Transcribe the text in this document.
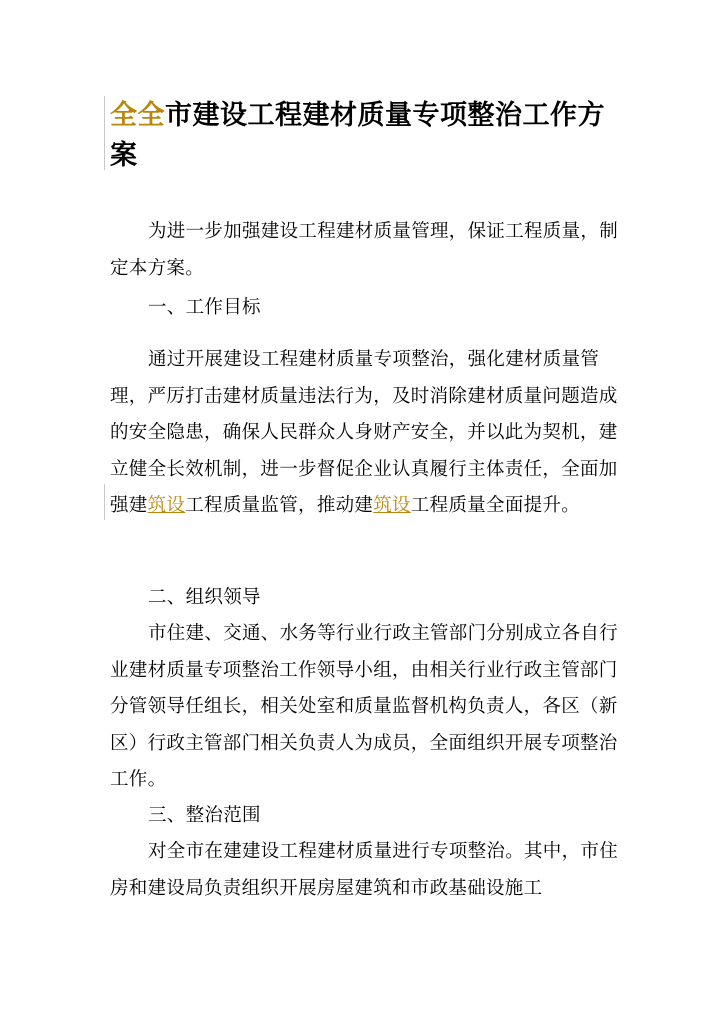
全全市建设工程建材质量专项整治工作方案

为进一步加强建设工程建材质量管理，保证工程质量，制定本方案。

一、工作目标

通过开展建设工程建材质量专项整治，强化建材质量管理，严厉打击建材质量违法行为，及时消除建材质量问题造成的安全隐患，确保人民群众人身财产安全，并以此为契机，建立健全长效机制，进一步督促企业认真履行主体责任，全面加强建筑设工程质量监管，推动建筑设工程质量全面提升。

二、组织领导

市住建、交通、水务等行业行政主管部门分别成立各自行业建材质量专项整治工作领导小组，由相关行业行政主管部门分管领导任组长，相关处室和质量监督机构负责人，各区（新区）行政主管部门相关负责人为成员，全面组织开展专项整治工作。

三、整治范围

对全市在建建设工程建材质量进行专项整治。其中，市住房和建设局负责组织开展房屋建筑和市政基础设施工
